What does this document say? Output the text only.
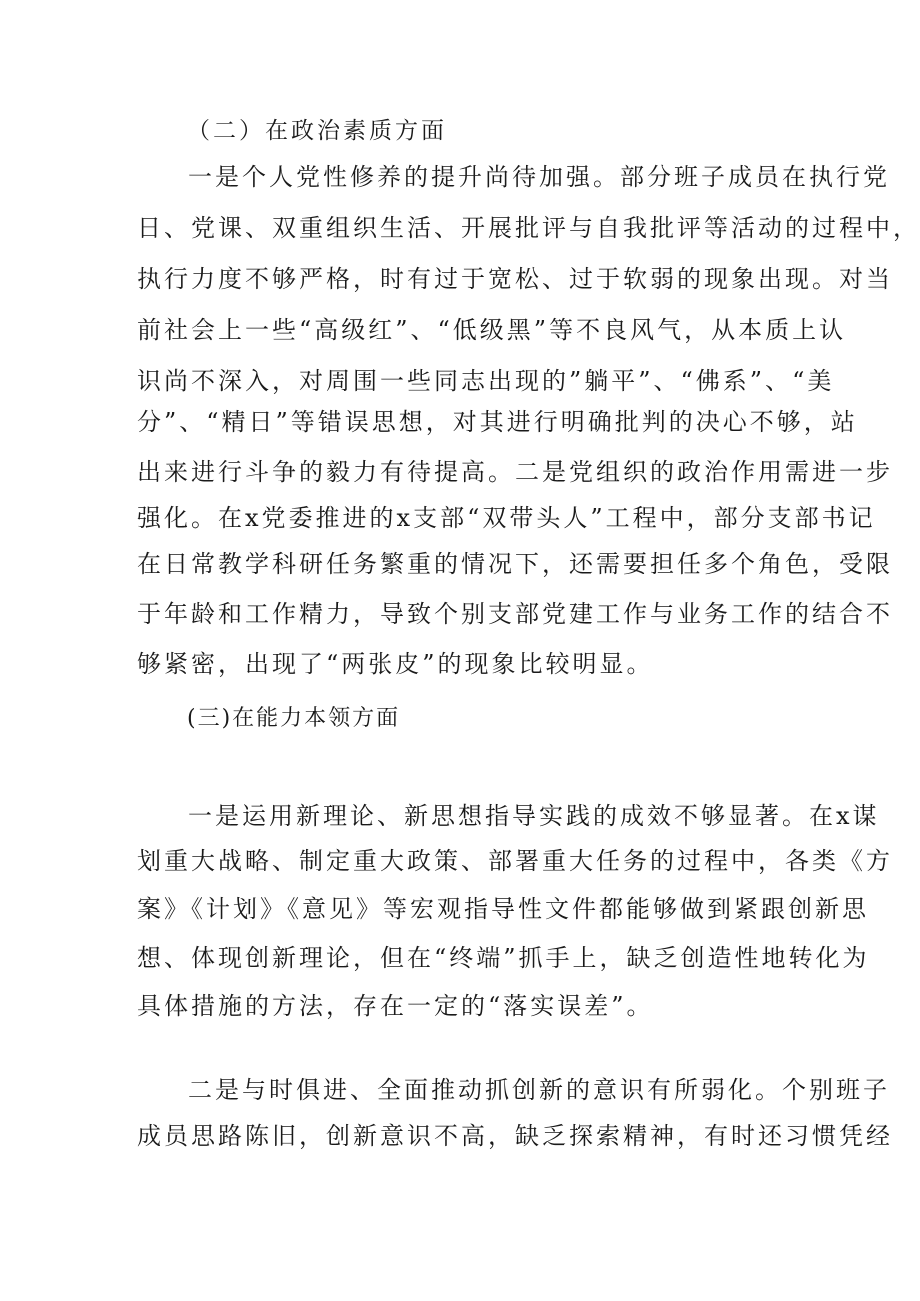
（二）在政治素质方面

一是个人党性修养的提升尚待加强。部分班子成员在执行党

日、党课、双重组织生活、开展批评与自我批评等活动的过程中，

执行力度不够严格，时有过于宽松、过于软弱的现象出现。对当

前社会上一些“高级红”、“低级黑”等不良风气，从本质上认

识尚不深入，对周围一些同志出现的”躺平”、“佛系”、“美

分”、“精日”等错误思想，对其进行明确批判的决心不够，站

出来进行斗争的毅力有待提高。二是党组织的政治作用需进一步

强化。在x党委推进的x支部“双带头人”工程中，部分支部书记

在日常教学科研任务繁重的情况下，还需要担任多个角色，受限

于年龄和工作精力，导致个别支部党建工作与业务工作的结合不

够紧密，出现了“两张皮”的现象比较明显。

(三)在能力本领方面

一是运用新理论、新思想指导实践的成效不够显著。在x谋

划重大战略、制定重大政策、部署重大任务的过程中，各类《方

案》《计划》《意见》等宏观指导性文件都能够做到紧跟创新思

想、体现创新理论，但在“终端”抓手上，缺乏创造性地转化为

具体措施的方法，存在一定的“落实误差”。

二是与时俱进、全面推动抓创新的意识有所弱化。个别班子

成员思路陈旧，创新意识不高，缺乏探索精神，有时还习惯凭经
